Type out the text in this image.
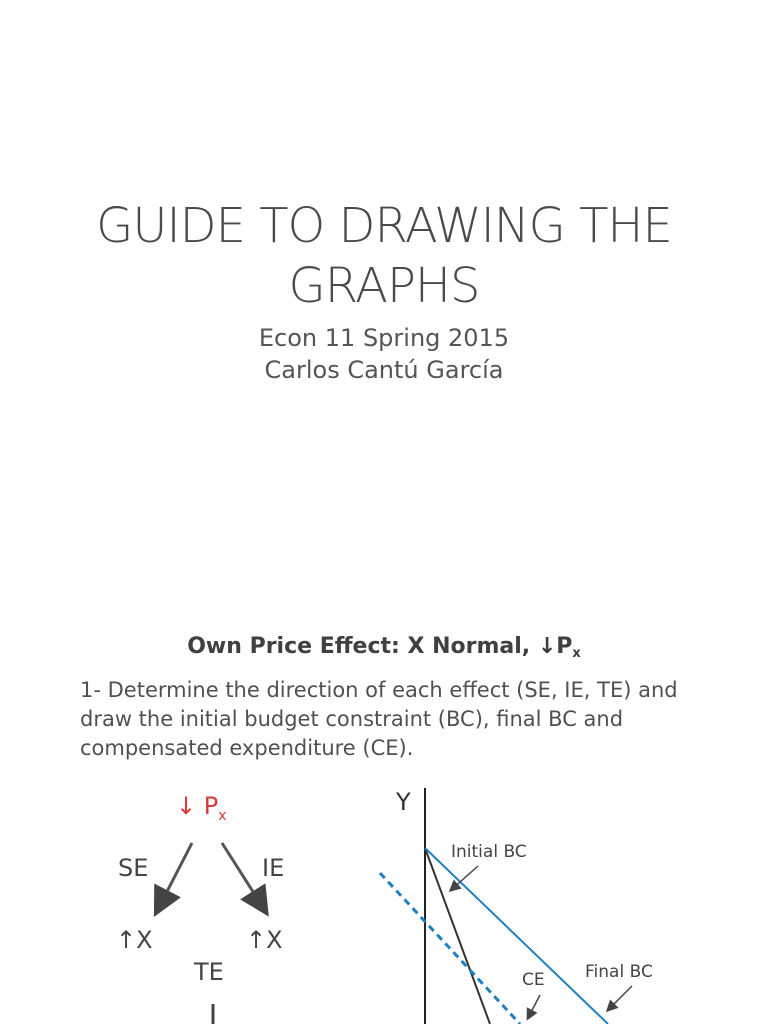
GUIDE TO DRAWING THE
GRAPHS
Econ 11 Spring 2015
Carlos Cantú García
Own Price Effect: X Normal, $↓P_x$
1- Determine the direction of each effect (SE, IE, TE) and draw the initial budget constraint (BC), final BC and compensated expenditure (CE).
↓ $P_x$
SE	IE
↑X	↑X
TE
Y
Initial BC
CE Final BC
